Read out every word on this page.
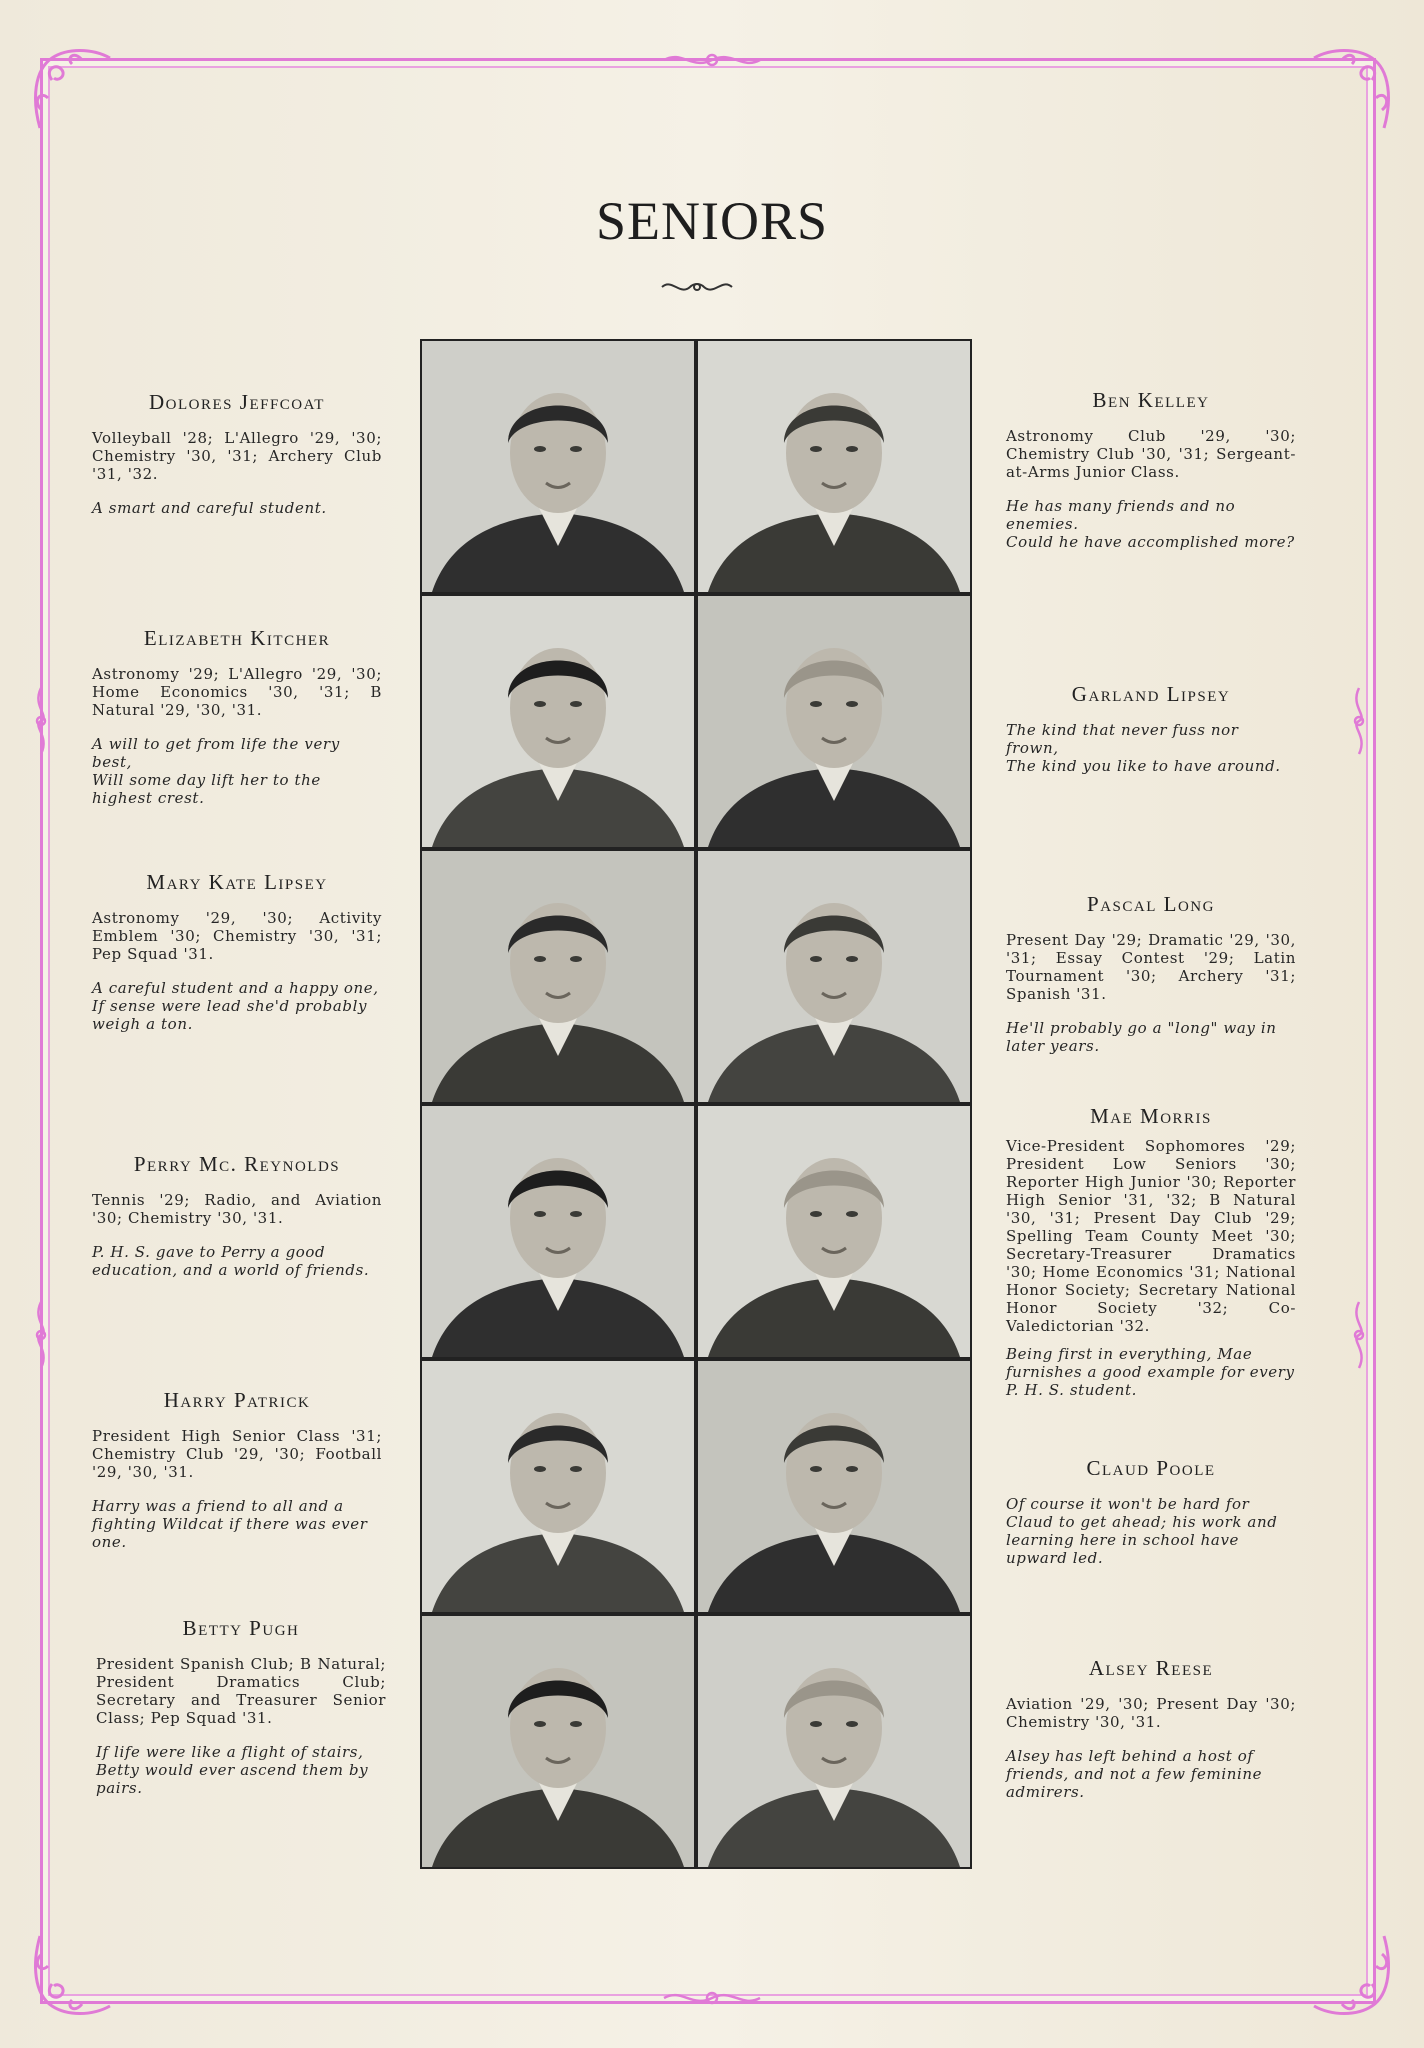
SENIORS
Dolores Jeffcoat
Volleyball '28; L'Allegro '29, '30; Chemistry '30, '31; Archery Club '31, '32.
A smart and careful student.
Elizabeth Kitcher
Astronomy '29; L'Allegro '29, '30; Home Economics '30, '31; B Natural '29, '30, '31.
A will to get from life the very best,
Will some day lift her to the highest crest.
Mary Kate Lipsey
Astronomy '29, '30; Activity Emblem '30; Chemistry '30, '31; Pep Squad '31.
A careful student and a happy one,
If sense were lead she'd probably weigh a ton.
Perry Mc. Reynolds
Tennis '29; Radio, and Aviation '30; Chemistry '30, '31.
P. H. S. gave to Perry a good education, and a world of friends.
Harry Patrick
President High Senior Class '31; Chemistry Club '29, '30; Football '29, '30, '31.
Harry was a friend to all and a fighting Wildcat if there was ever one.
Betty Pugh
President Spanish Club; B Natural; President Dramatics Club; Secretary and Treasurer Senior Class; Pep Squad '31.
If life were like a flight of stairs,
Betty would ever ascend them by pairs.
Ben Kelley
Astronomy Club '29, '30; Chemistry Club '30, '31; Sergeant-at-Arms Junior Class.
He has many friends and no enemies.
Could he have accomplished more?
Garland Lipsey
The kind that never fuss nor frown,
The kind you like to have around.
Pascal Long
Present Day '29; Dramatic '29, '30, '31; Essay Contest '29; Latin Tournament '30; Archery '31; Spanish '31.
He'll probably go a "long" way in later years.
Mae Morris
Vice-President Sophomores '29; President Low Seniors '30; Reporter High Junior '30; Reporter High Senior '31, '32; B Natural '30, '31; Present Day Club '29; Spelling Team County Meet '30; Secretary-Treasurer Dramatics '30; Home Economics '31; National Honor Society; Secretary National Honor Society '32; Co-Valedictorian '32.
Being first in everything, Mae furnishes a good example for every P. H. S. student.
Claud Poole
Of course it won't be hard for Claud to get ahead; his work and learning here in school have upward led.
Alsey Reese
Aviation '29, '30; Present Day '30; Chemistry '30, '31.
Alsey has left behind a host of friends, and not a few feminine admirers.
